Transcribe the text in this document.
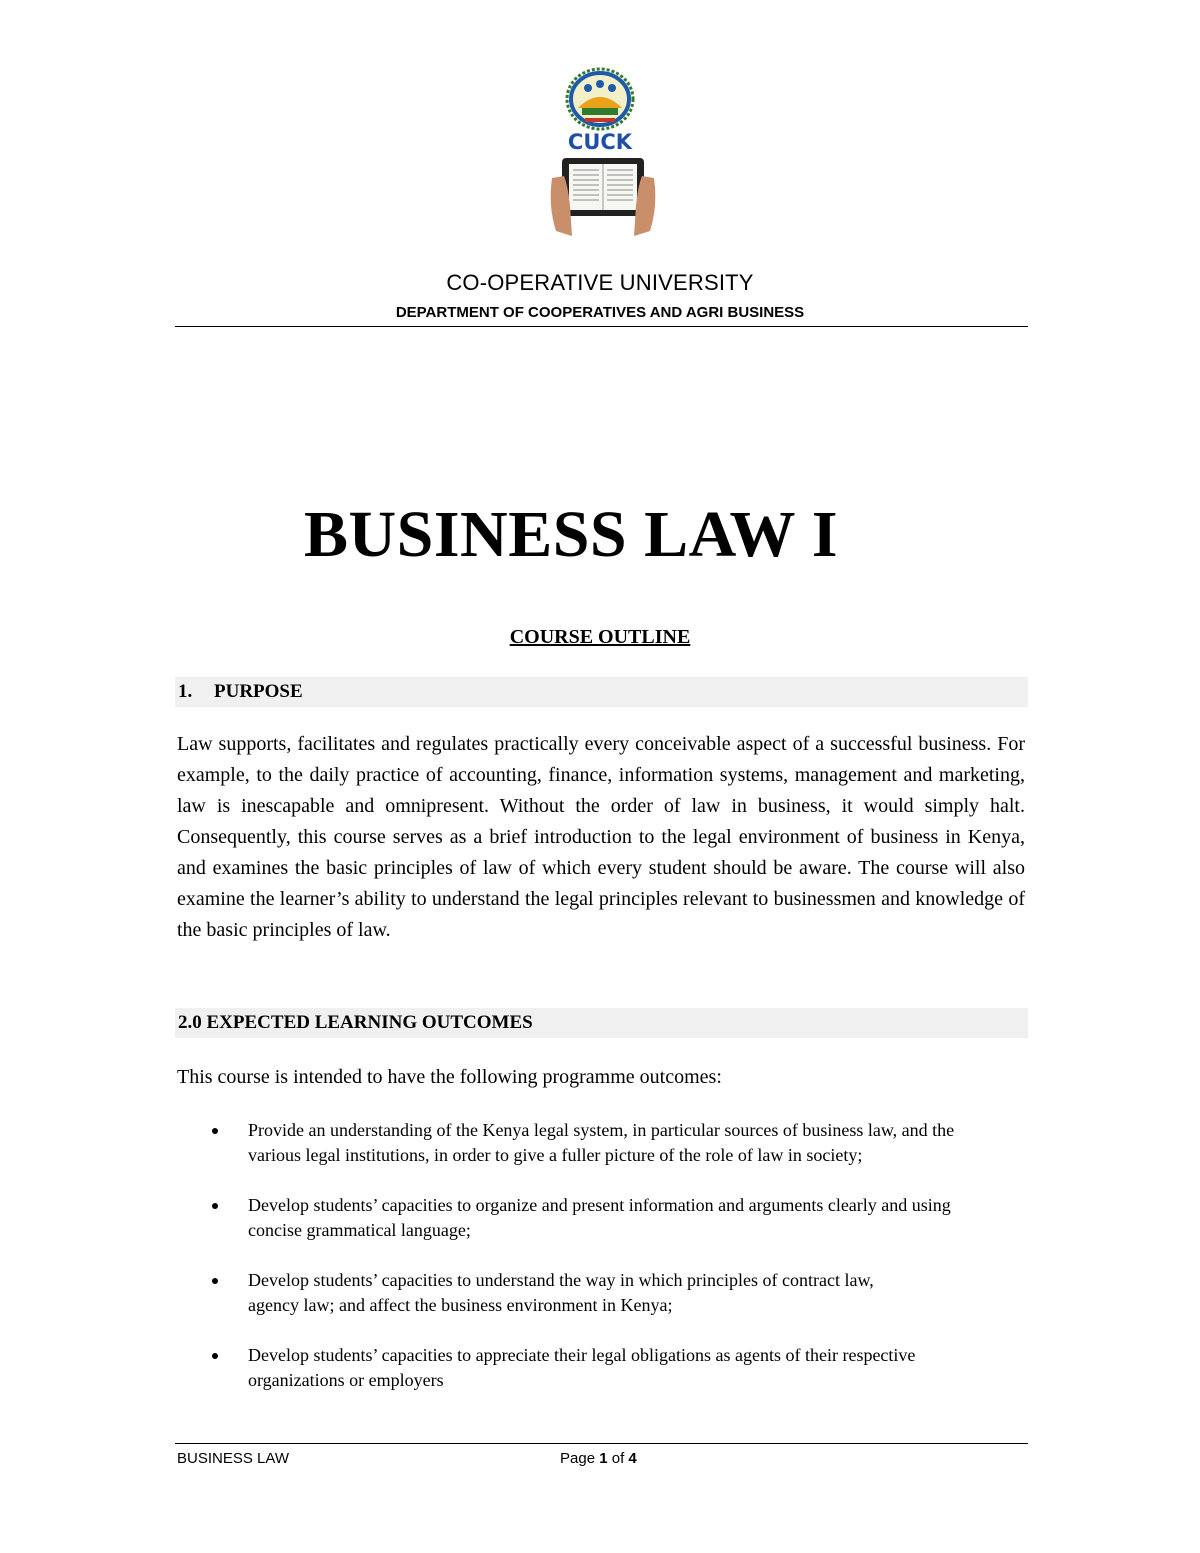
CUCK
CO-OPERATIVE UNIVERSITY
DEPARTMENT OF COOPERATIVES AND AGRI BUSINESS
BUSINESS LAW I
COURSE OUTLINE
1. PURPOSE

Law supports, facilitates and regulates practically every conceivable aspect of a successful business. For example, to the daily practice of accounting, finance, information systems, management and marketing, law is inescapable and omnipresent. Without the order of law in business, it would simply halt. Consequently, this course serves as a brief introduction to the legal environment of business in Kenya, and examines the basic principles of law of which every student should be aware. The course will also examine the learner’s ability to understand the legal principles relevant to businessmen and knowledge of the basic principles of law.

2.0 EXPECTED LEARNING OUTCOMES
This course is intended to have the following programme outcomes:
Provide an understanding of the Kenya legal system, in particular sources of business law, and the various legal institutions, in order to give a fuller picture of the role of law in society;
Develop students’ capacities to organize and present information and arguments clearly and using concise grammatical language;
Develop students’ capacities to understand the way in which principles of contract law, agency law; and affect the business environment in Kenya;
Develop students’ capacities to appreciate their legal obligations as agents of their respective organizations or employers
BUSINESS LAW	Page 1 of 4
